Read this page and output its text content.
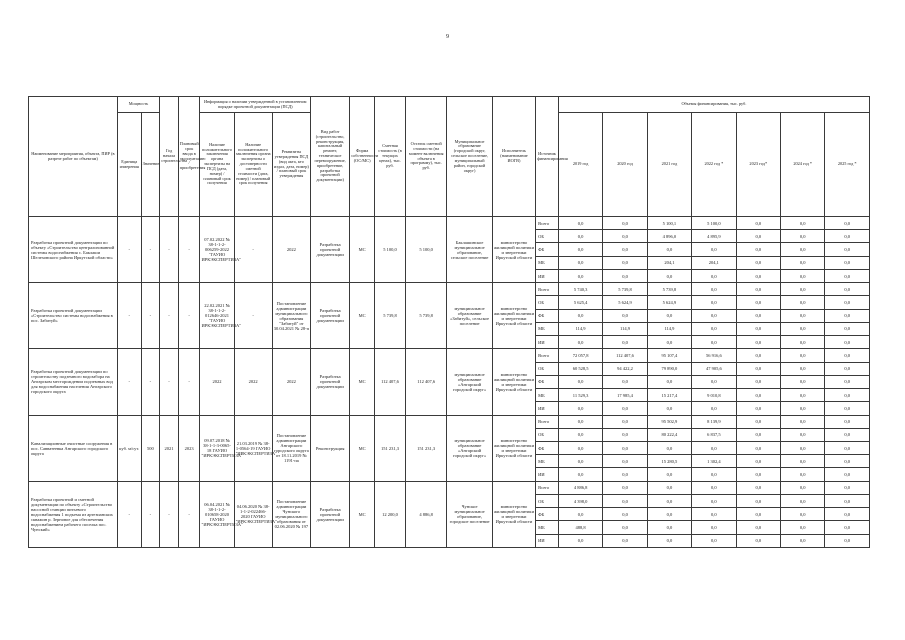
9
Наименование мероприятия, объекта, ПИР (в разрезе работ по объектам)	Мощность		Год начала строительства	Плановый срок ввода в эксплуатацию / приобретения	Информация о наличии утвержденной в установленном порядке проектной документации (ПСД)			Вид работ (строительство, реконструкция, капитальный ремонт, техническое перевооружение, приобретение, разработка проектной документации)	Форма собственности (ОС/МС)	Сметная стоимость (в текущих ценах), тыс. руб.	Остаток сметной стоимости (на момент включения объекта в программу), тыс. руб.	Муниципальное образование (городской округ, сельское поселение, муниципальный район, городской округ)	Исполнитель (наименование ИОГВ)	Источник финансирования	Объемы финансирования, тыс. руб.						
	Единица измерения	Значение			Наличие положительного заключения органа экспертизы на ПСД (дата, номер) / плановый срок получения	Наличие положительного заключения органа экспертизы о достоверности сметной стоимости (дата, номер) / плановый срок получения	Реквизиты утверждения ПСД (вид акта, кто издал, дата, номер) / плановый срок утверждения								2019 год	2020 год	2021 год	2022 год *	2023 год*	2024 год *	2025 год *
Разработка проектной документации по объекту «Строительство централизованной системы водоснабжения с. Баклаши Шелеховского района Иркутской области»	-	-	-	-	07.02.2022 № 38-1-1-2-006259-2022 "ГАУИО ИРКЭКСПЕРТИЗА"	-	2022	Разработка проектной документации	МС	5 100,0	5 100,0	Баклашинское муниципальное образование, сельское поселение	министерство жилищной политики и энергетики Иркутской области	Всего	0,0	0,0	5 100,1	5 100,0	0,0	0,0	0,0
														ОБ	0,0	0,0	4 896,0	4 895,9	0,0	0,0	0,0
														ФБ	0,0	0,0	0,0	0,0	0,0	0,0	0,0
														МБ	0,0	0,0	204,1	204,1	0,0	0,0	0,0
														ИИ	0,0	0,0	0,0	0,0	0,0	0,0	0,0
Разработка проектной документации «Строительство системы водоснабжения в пос. Забитуй»	-	-	-	-	22.02.2021 № 38-1-1-2-012646-2021 "ГАУИО ИРКЭКСПЕРТИЗА"	-	Постановление администрации муниципального образования "Забитуй" от 30.04.2021 № 28-п	Разработка проектной документации	МС	5 739,8	5 739,8	муниципальное образование «Забитуй», сельское поселение	министерство жилищной политики и энергетики Иркутской области	Всего	5 740,3	5 739,8	5 739,8	0,0	0,0	0,0	0,0
														ОБ	5 625,4	5 624,9	5 624,9	0,0	0,0	0,0	0,0
														ФБ	0,0	0,0	0,0	0,0	0,0	0,0	0,0
														МБ	114,9	114,9	114,9	0,0	0,0	0,0	0,0
														ИИ	0,0	0,0	0,0	0,0	0,0	0,0	0,0
Разработка проектной документации по строительству подземного водозабора на Ангарском месторождении подземных вод для водоснабжения населения Ангарского городского округа	-	-	-	-	2022	2022	2022	Разработка проектной документации	МС	112 407,6	112 407,6	муниципальное образование «Ангарский городской округ»	министерство жилищной политики и энергетики Иркутской области	Всего	72 057,8	112 407,6	95 107,4	56 916,6	0,0	0,0	0,0
														ОБ	60 528,5	94 422,2	79 890,0	47 905,6	0,0	0,0	0,0
														ФБ	0,0	0,0	0,0	0,0	0,0	0,0	0,0
														МБ	11 529,3	17 985,4	15 217,4	9 010,8	0,0	0,0	0,0
														ИИ	0,0	0,0	0,0	0,0	0,0	0,0	0,0
Канализационные очистные сооружения в пос. Савватеевка Ангарского городского округа	куб. м/сут.	500	2021	2023	09.07.2018 № 38-1-1-3-0065-18 ГАУИО "ИРКЭКСПЕРТИЗА"	21.03.2019 № 38-1-0564-19 ГАУИО "ИРКЭКСПЕРТИЗА"	Постановление администрации Ангарского городского округа от 18.11.2019 № 1191-па	Реконструкция	МС	151 231,3	151 231,3	муниципальное образование «Ангарский городской округ»	министерство жилищной политики и энергетики Иркутской области	Всего	0,0	0,0	95 502,9	8 139,9	0,0	0,0	0,0
														ОБ	0,0	0,0	80 222,4	6 837,5	0,0	0,0	0,0
														ФБ	0,0	0,0	0,0	0,0	0,0	0,0	0,0
														МБ	0,0	0,0	15 280,5	1 302,4	0,0	0,0	0,0
														ИИ	0,0	0,0	0,0	0,0	0,0	0,0	0,0
Разработка проектной и сметной документации по объекту «Строительство насосной станции питьевого водоснабжения 1 подъема из артезианских скважин р. Зерновое для обеспечения водоснабжением рабочего поселка пос. Чунский»	-	-	-	-	06.04.2021 № 38-1-1-2-010658-2020 ГАУИО "ИРКЭКСПЕРТИЗА"	04.06.2020 № 38-1-1-2-022466-2020 ГАУИО "ИРКЭКСПЕРТИЗА"	Постановление администрации Чунского муниципального образования от 02.06.2020 № 197	Разработка проектной документации	МС	12 200,0	4 886,8	Чунское муниципальное образование, городское поселение	министерство жилищной политики и энергетики Иркутской области	Всего	4 886,8	0,0	0,0	0,0	0,0	0,0	0,0
														ОБ	4 398,0	0,0	0,0	0,0	0,0	0,0	0,0
														ФБ	0,0	0,0	0,0	0,0	0,0	0,0	0,0
														МБ	488,8	0,0	0,0	0,0	0,0	0,0	0,0
														ИИ	0,0	0,0	0,0	0,0	0,0	0,0	0,0
